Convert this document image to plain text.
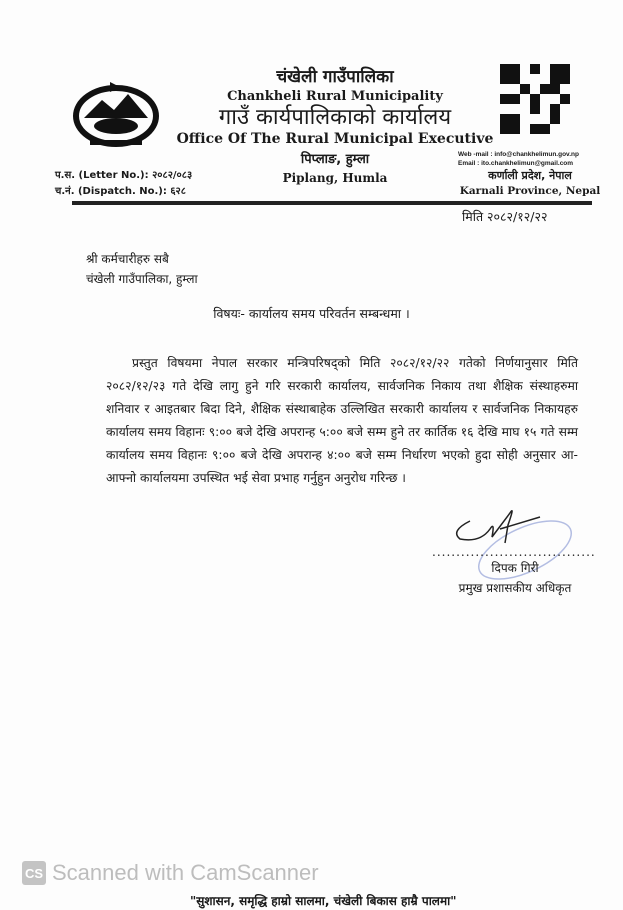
चंखेली गाउँपालिका
Chankheli Rural Municipality
गाउँ कार्यपालिकाको कार्यालय
Office Of The Rural Municipal Executive
पिप्लाङ, हुम्ला
Piplang, Humla
Web -mail : info@chankhelimun.gov.np
Email : ito.chankhelimun@gmail.com
कर्णाली प्रदेश, नेपाल
Karnali Province, Nepal
प.स. (Letter No.): २०८२/०८३
च.नं. (Dispatch. No.): ६२८
मिति २०८२/१२/२२
श्री कर्मचारीहरु सबै
चंखेली गाउँपालिका, हुम्ला
विषयः- कार्यालय समय परिवर्तन सम्बन्धमा ।
प्रस्तुत विषयमा नेपाल सरकार मन्त्रिपरिषद्को मिति २०८२/१२/२२ गतेको निर्णयानुसार मिति २०८२/१२/२३ गते देखि लागु हुने गरि सरकारी कार्यालय, सार्वजनिक निकाय तथा शैक्षिक संस्थाहरुमा शनिवार र आइतबार बिदा दिने, शैक्षिक संस्थाबाहेक उल्लिखित सरकारी कार्यालय र सार्वजनिक निकायहरु कार्यालय समय विहानः ९:०० बजे देखि अपरान्ह ५:०० बजे सम्म हुने तर कार्तिक १६ देखि माघ १५ गते सम्म कार्यालय समय विहानः ९:०० बजे देखि अपरान्ह ४:०० बजे सम्म निर्धारण भएको हुदा सोही अनुसार आ-आफ्नो कार्यालयमा उपस्थित भई सेवा प्रभाह गर्नुहुन अनुरोध गरिन्छ ।
..................................
दिपक गिरी
प्रमुख प्रशासकीय अधिकृत
CS Scanned with CamScanner
"सुशासन, समृद्धि हाम्रो सालमा, चंखेली बिकास हाम्रै पालमा"
